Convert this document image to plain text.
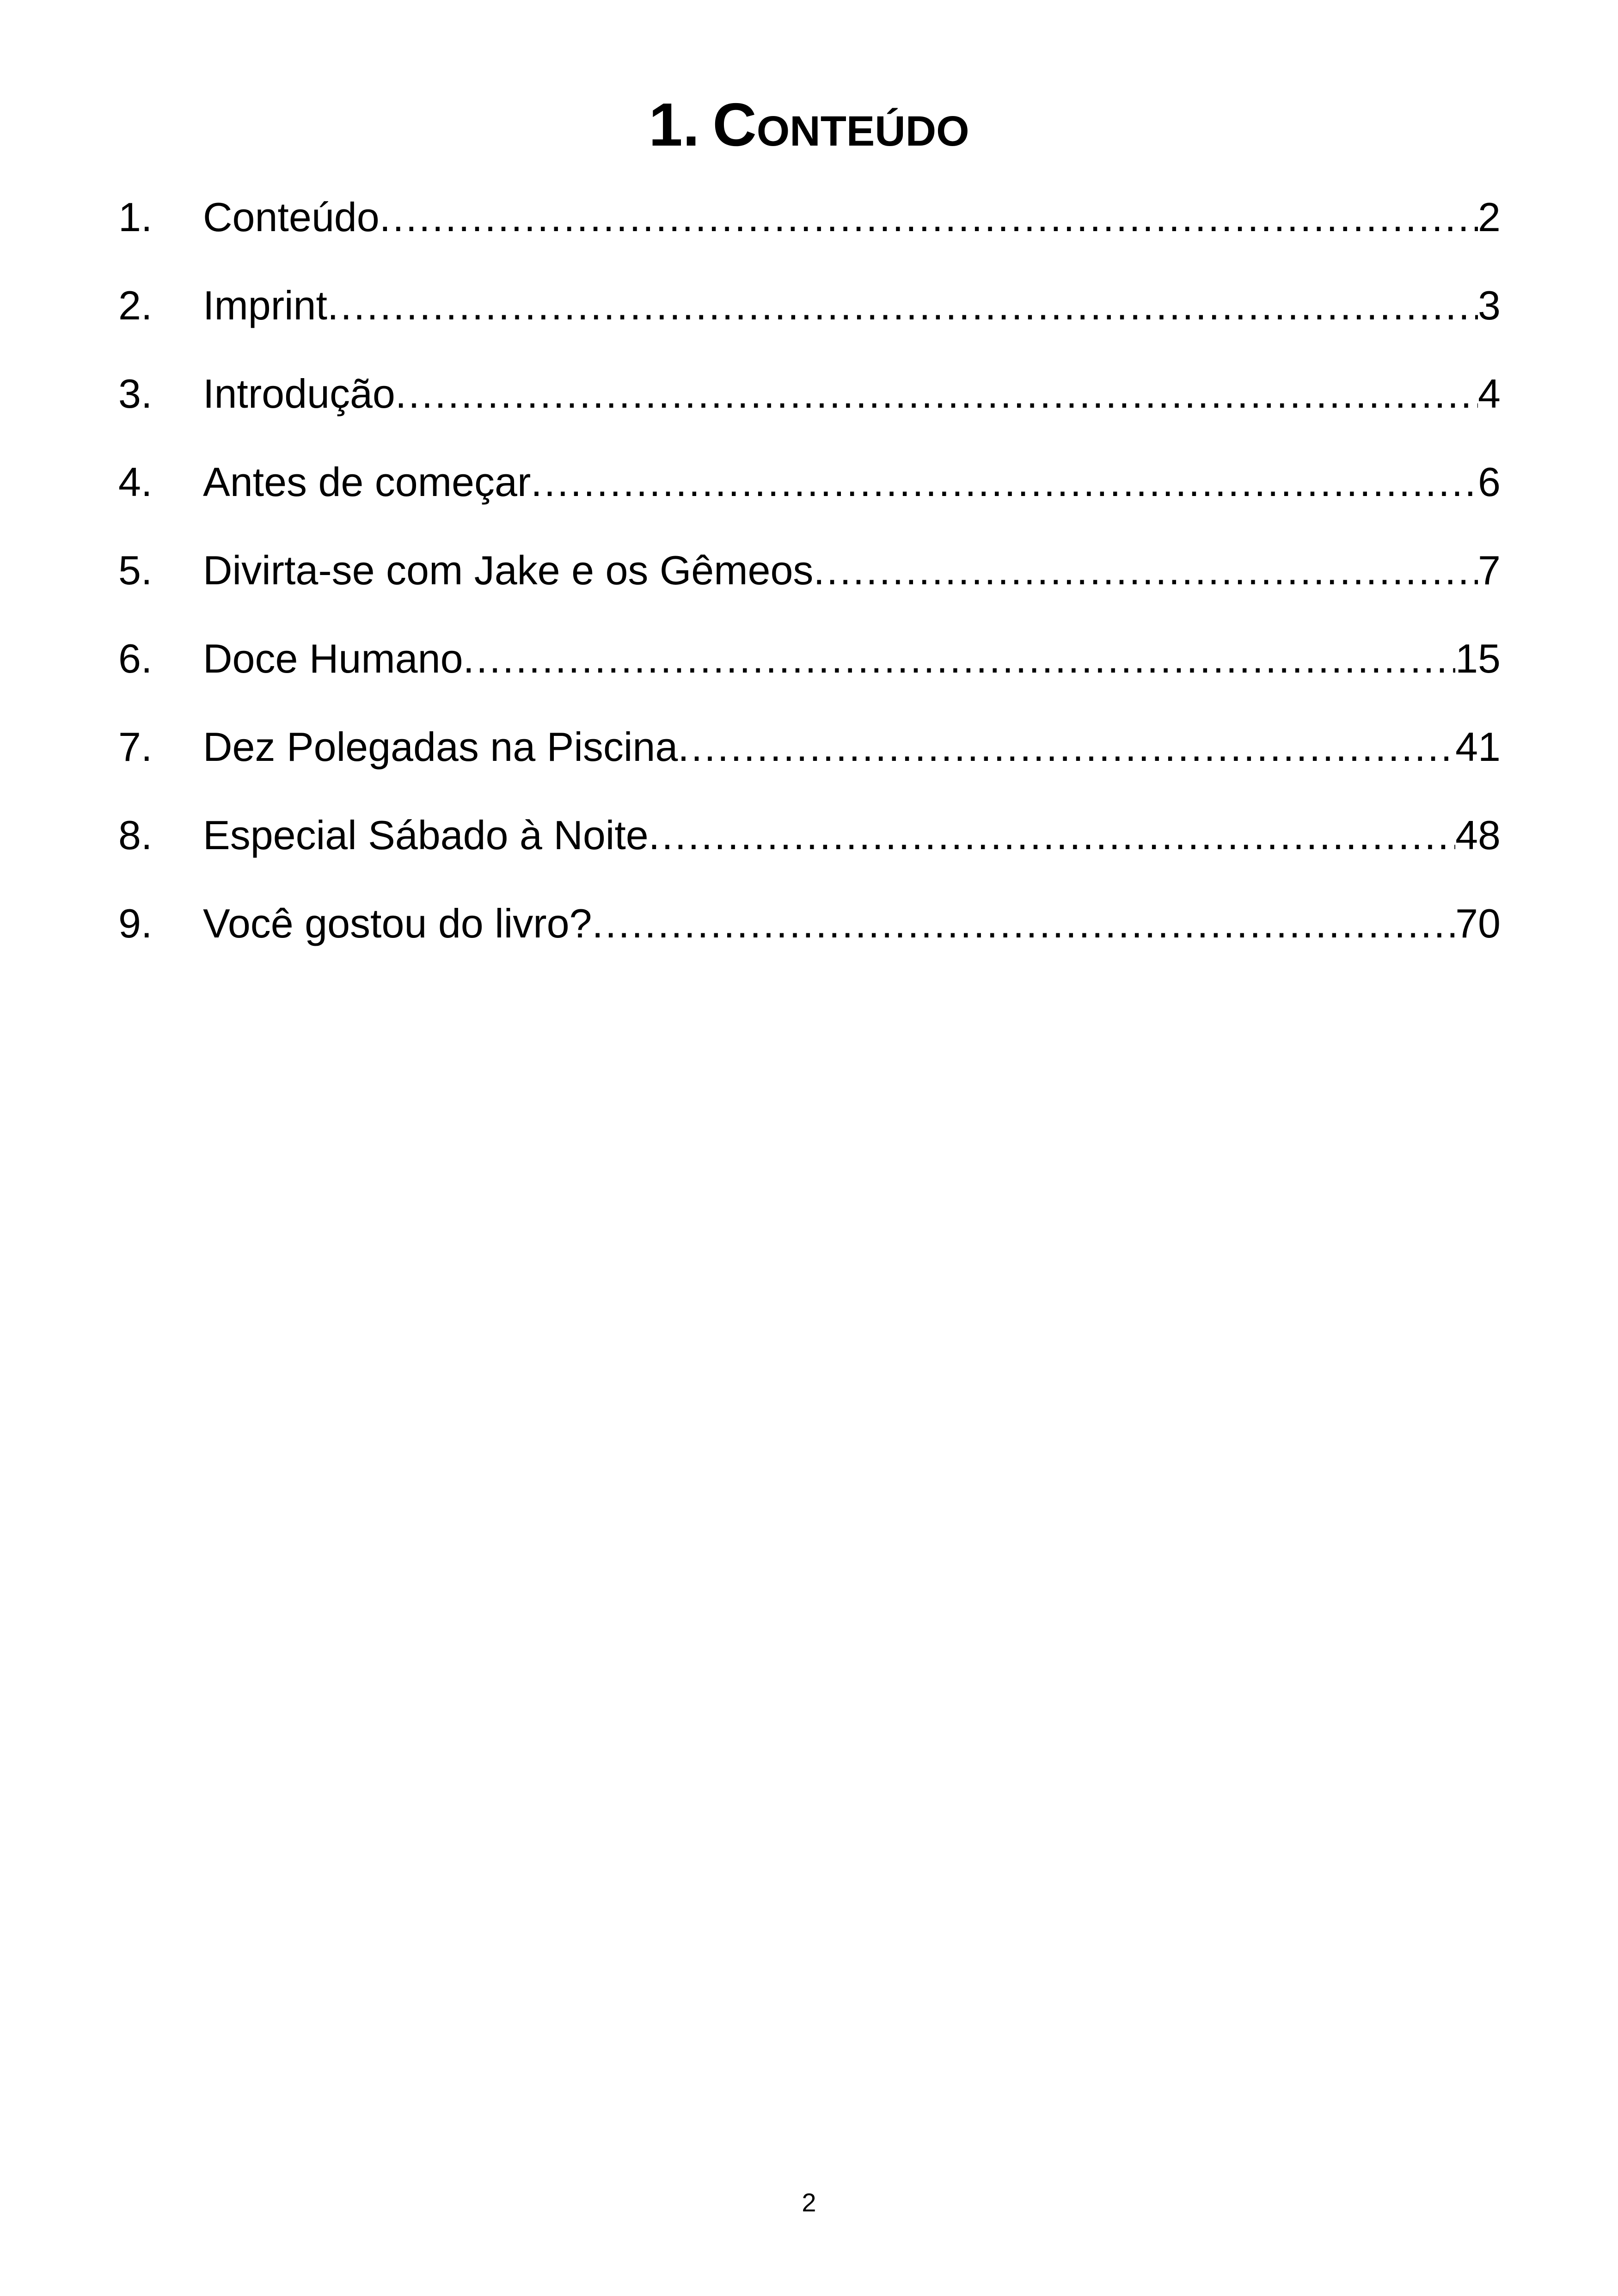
1. Conteúdo
1.	Conteúdo .....	2
2.	Imprint .....	3
3.	Introdução .....	4
4.	Antes de começar .....	6
5.	Divirta-se com Jake e os Gêmeos .....	7
6.	Doce Humano .....	15
7.	Dez Polegadas na Piscina .....	41
8.	Especial Sábado à Noite .....	48
9.	Você gostou do livro? .....	70
2
